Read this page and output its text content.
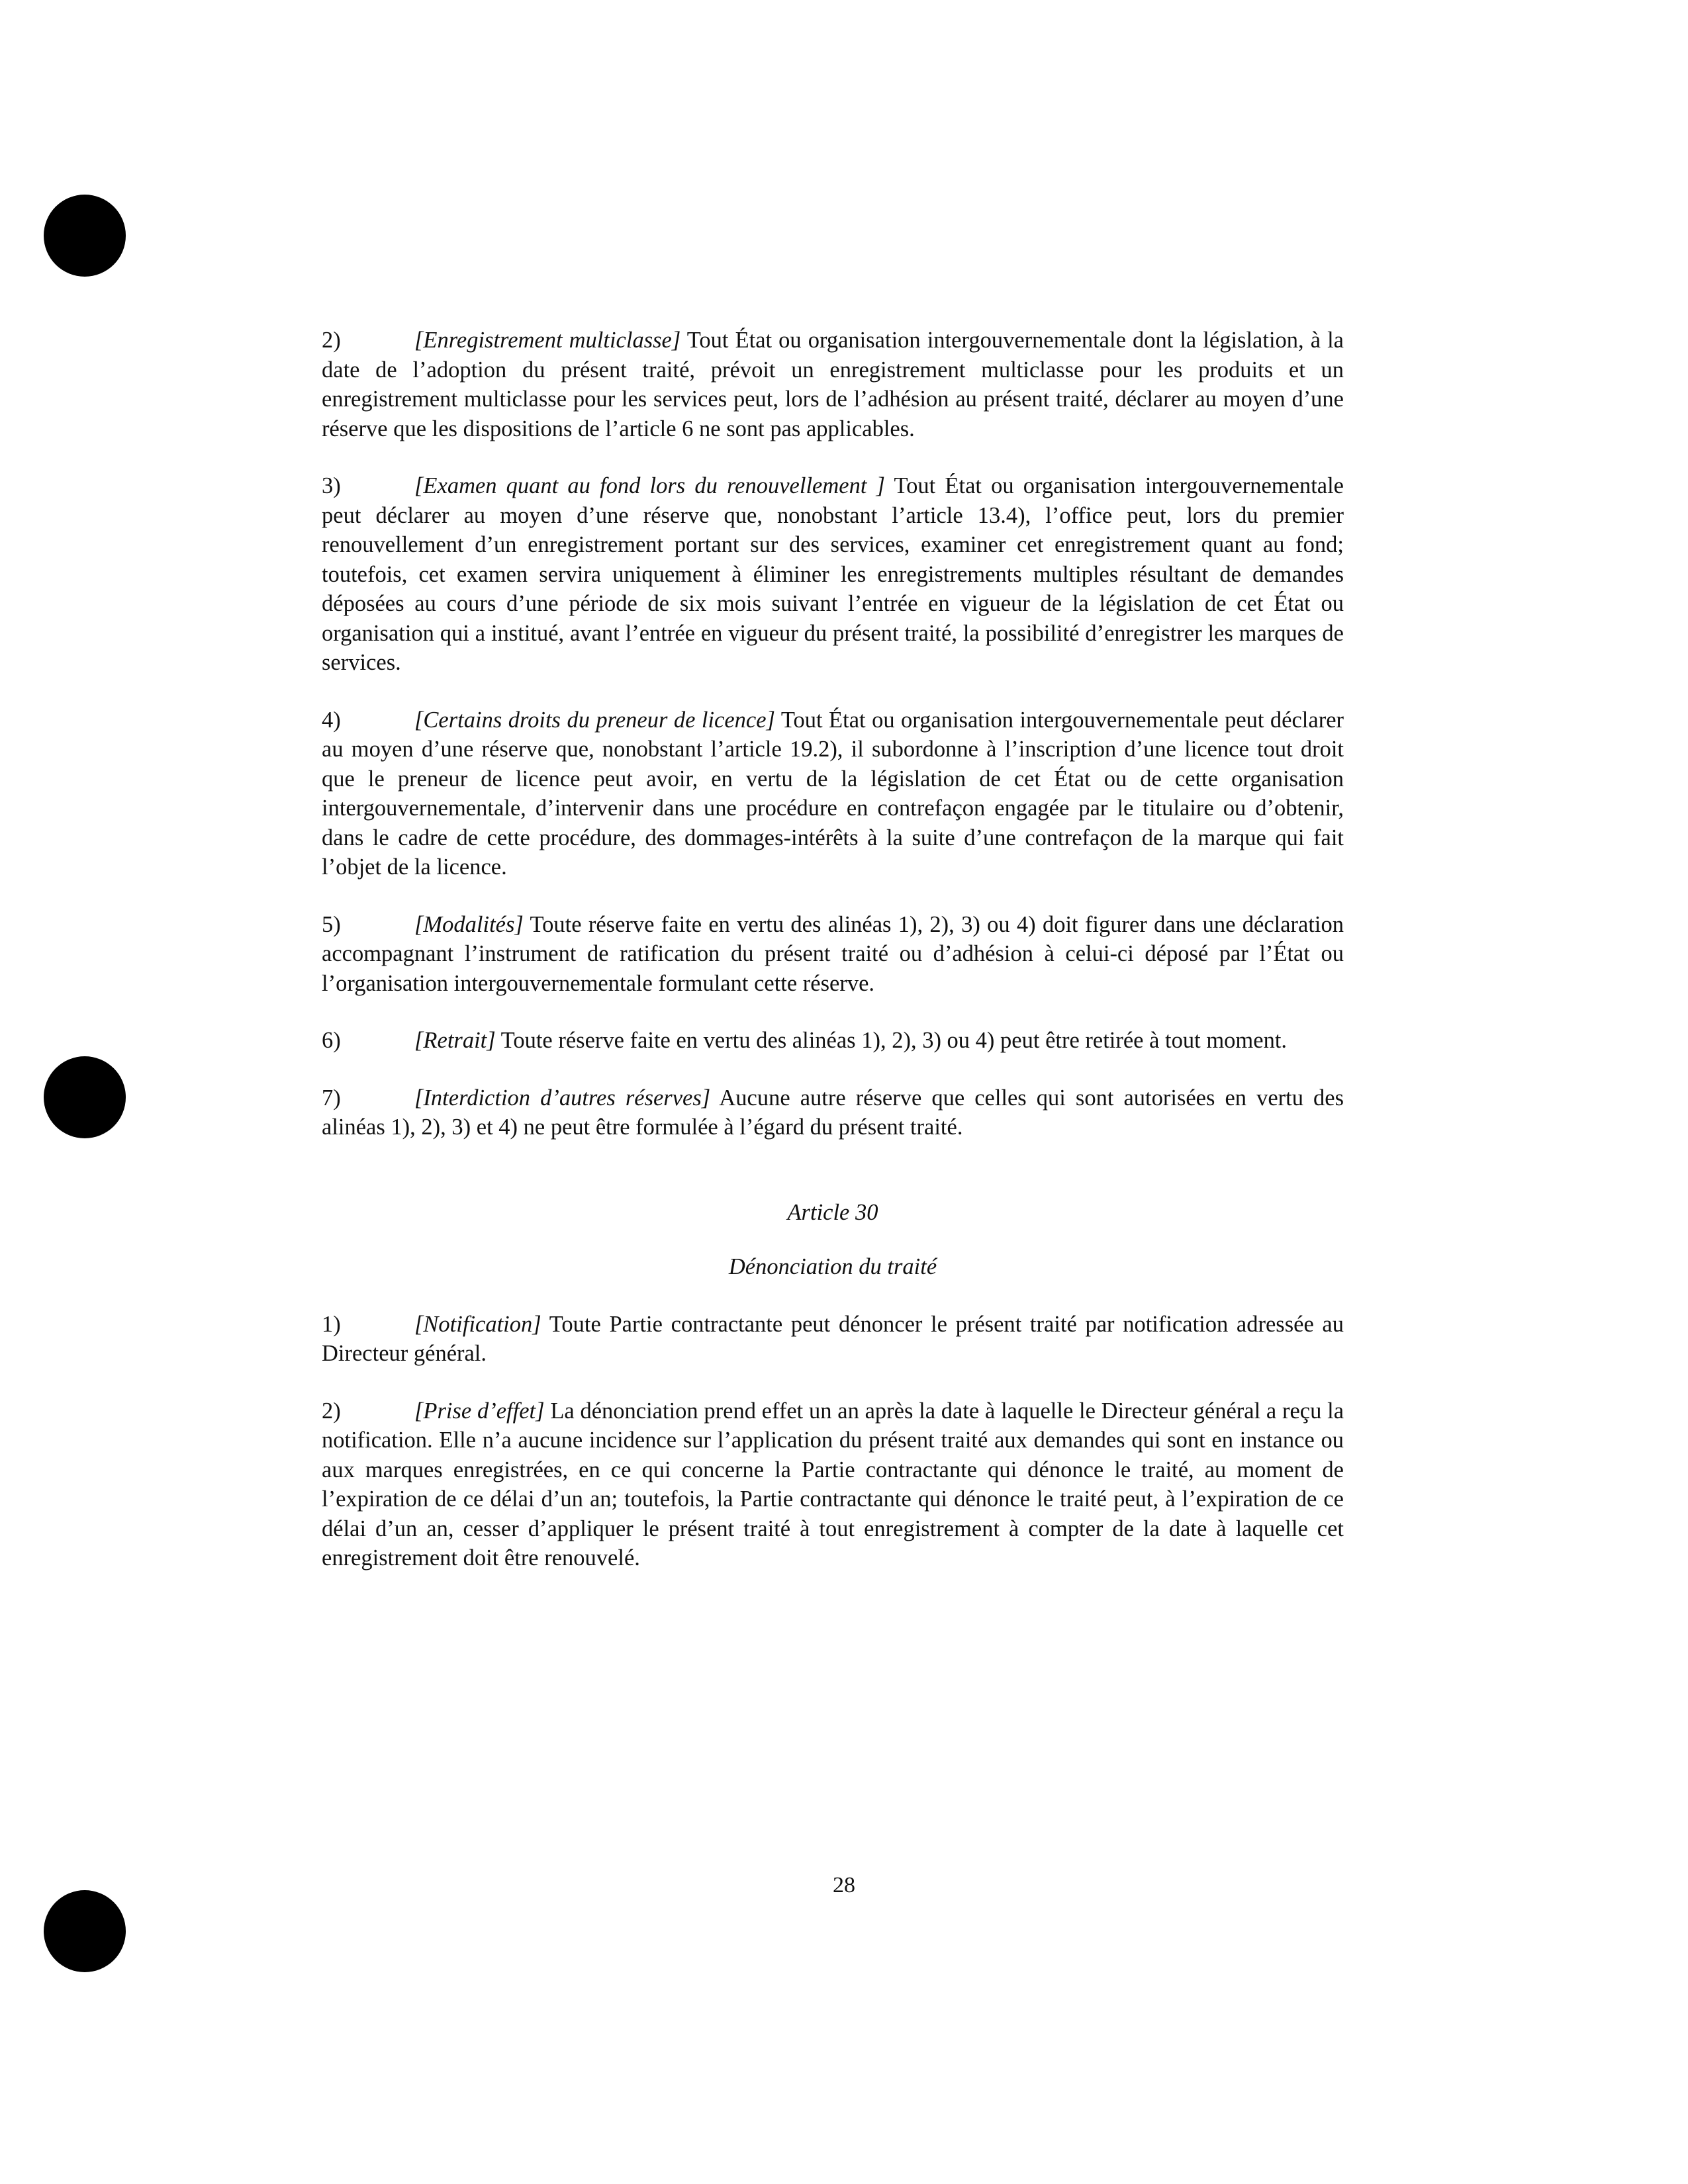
2)	[Enregistrement multiclasse] Tout État ou organisation intergouvernementale dont la législation, à la date de l’adoption du présent traité, prévoit un enregistrement multiclasse pour les produits et un enregistrement multiclasse pour les services peut, lors de l’adhésion au présent traité, déclarer au moyen d’une réserve que les dispositions de l’article 6 ne sont pas applicables.

3)	[Examen quant au fond lors du renouvellement ] Tout État ou organisation intergouvernementale peut déclarer au moyen d’une réserve que, nonobstant l’article 13.4), l’office peut, lors du premier renouvellement d’un enregistrement portant sur des services, examiner cet enregistrement quant au fond; toutefois, cet examen servira uniquement à éliminer les enregistrements multiples résultant de demandes déposées au cours d’une période de six mois suivant l’entrée en vigueur de la législation de cet État ou organisation qui a institué, avant l’entrée en vigueur du présent traité, la possibilité d’enregistrer les marques de services.

4)	[Certains droits du preneur de licence] Tout État ou organisation intergouvernementale peut déclarer au moyen d’une réserve que, nonobstant l’article 19.2), il subordonne à l’inscription d’une licence tout droit que le preneur de licence peut avoir, en vertu de la législation de cet État ou de cette organisation intergouvernementale, d’intervenir dans une procédure en contrefaçon engagée par le titulaire ou d’obtenir, dans le cadre de cette procédure, des dommages-intérêts à la suite d’une contrefaçon de la marque qui fait l’objet de la licence.

5)	[Modalités] Toute réserve faite en vertu des alinéas 1), 2), 3) ou 4) doit figurer dans une déclaration accompagnant l’instrument de ratification du présent traité ou d’adhésion à celui-ci déposé par l’État ou l’organisation intergouvernementale formulant cette réserve.

6)	[Retrait] Toute réserve faite en vertu des alinéas 1), 2), 3) ou 4) peut être retirée à tout moment.

7)	[Interdiction d’autres réserves] Aucune autre réserve que celles qui sont autorisées en vertu des alinéas 1), 2), 3) et 4) ne peut être formulée à l’égard du présent traité.

Article 30

Dénonciation du traité

1)	[Notification] Toute Partie contractante peut dénoncer le présent traité par notification adressée au Directeur général.

2)	[Prise d’effet] La dénonciation prend effet un an après la date à laquelle le Directeur général a reçu la notification. Elle n’a aucune incidence sur l’application du présent traité aux demandes qui sont en instance ou aux marques enregistrées, en ce qui concerne la Partie contractante qui dénonce le traité, au moment de l’expiration de ce délai d’un an; toutefois, la Partie contractante qui dénonce le traité peut, à l’expiration de ce délai d’un an, cesser d’appliquer le présent traité à tout enregistrement à compter de la date à laquelle cet enregistrement doit être renouvelé.

28
